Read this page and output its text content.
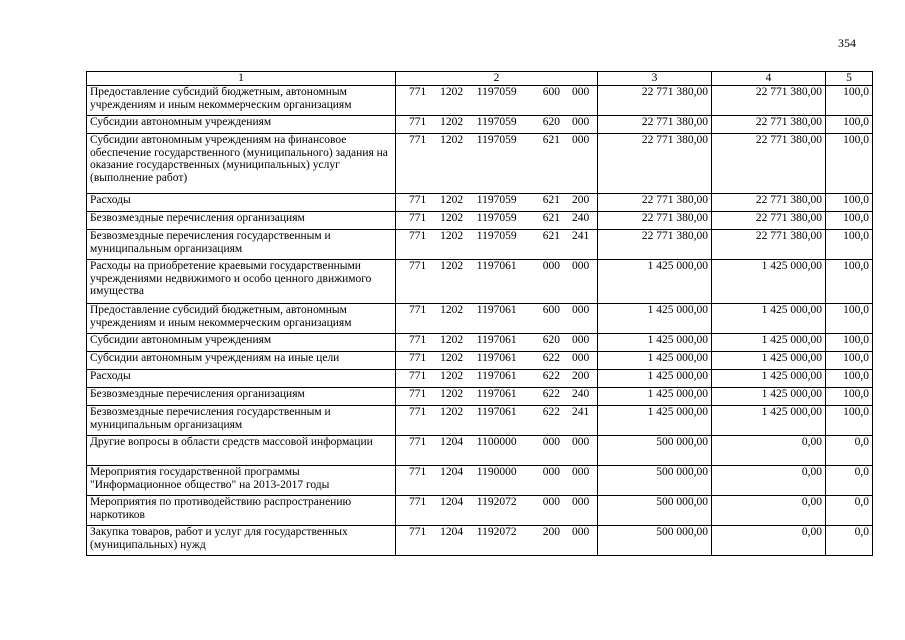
354
1	2	3	4	5
Предоставление субсидий бюджетным, автономным учреждениям и иным некоммерческим организациям	771 1202 1197059 600 000	22 771 380,00	22 771 380,00	100,0
Субсидии автономным учреждениям	771 1202 1197059 620 000	22 771 380,00	22 771 380,00	100,0
Субсидии автономным учреждениям на финансовое обеспечение государственного (муниципального) задания на оказание государственных (муниципальных) услуг (выполнение работ)	771 1202 1197059 621 000	22 771 380,00	22 771 380,00	100,0
Расходы	771 1202 1197059 621 200	22 771 380,00	22 771 380,00	100,0
Безвозмездные перечисления организациям	771 1202 1197059 621 240	22 771 380,00	22 771 380,00	100,0
Безвозмездные перечисления государственным и муниципальным организациям	771 1202 1197059 621 241	22 771 380,00	22 771 380,00	100,0
Расходы на приобретение краевыми государственными учреждениями недвижимого и особо ценного движимого имущества	771 1202 1197061 000 000	1 425 000,00	1 425 000,00	100,0
Предоставление субсидий бюджетным, автономным учреждениям и иным некоммерческим организациям	771 1202 1197061 600 000	1 425 000,00	1 425 000,00	100,0
Субсидии автономным учреждениям	771 1202 1197061 620 000	1 425 000,00	1 425 000,00	100,0
Субсидии автономным учреждениям на иные цели	771 1202 1197061 622 000	1 425 000,00	1 425 000,00	100,0
Расходы	771 1202 1197061 622 200	1 425 000,00	1 425 000,00	100,0
Безвозмездные перечисления организациям	771 1202 1197061 622 240	1 425 000,00	1 425 000,00	100,0
Безвозмездные перечисления государственным и муниципальным организациям	771 1202 1197061 622 241	1 425 000,00	1 425 000,00	100,0
Другие вопросы в области средств массовой информации	771 1204 1100000 000 000	500 000,00	0,00	0,0
Мероприятия государственной программы "Информационное общество" на 2013-2017 годы	771 1204 1190000 000 000	500 000,00	0,00	0,0
Мероприятия по противодействию распространению наркотиков	771 1204 1192072 000 000	500 000,00	0,00	0,0
Закупка товаров, работ и услуг для государственных (муниципальных) нужд	771 1204 1192072 200 000	500 000,00	0,00	0,0
